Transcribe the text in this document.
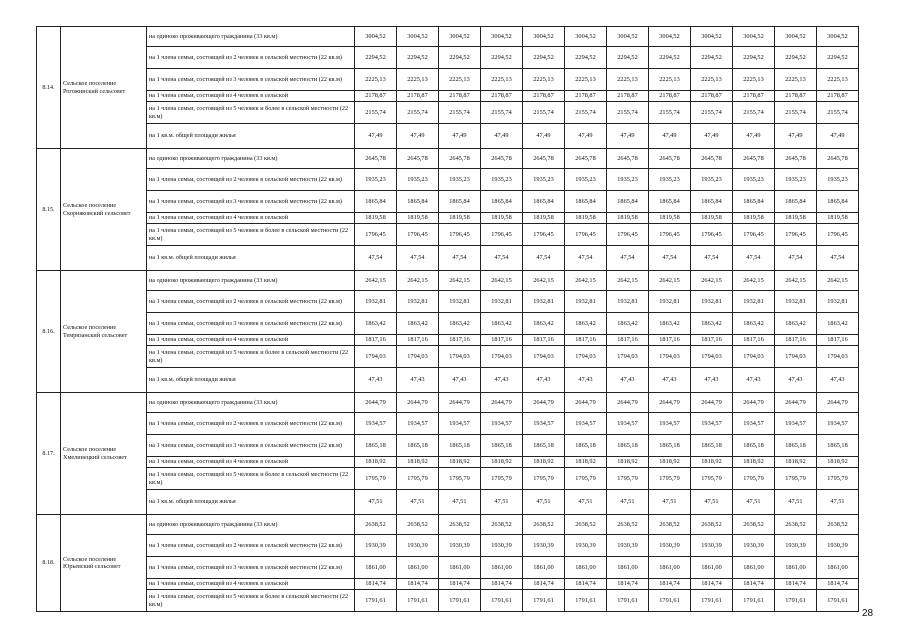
8.14.	Сельское поселение Рогожинский сельсовет	на одиноко проживающего гражданина (33 кв.м)	3004,52	3004,52	3004,52	3004,52	3004,52	3004,52	3004,52	3004,52	3004,52	3004,52	3004,52	3004,52
		на 1 члена семьи, состоящей из 2 человек в сельской местности (22 кв.м)	2294,52	2294,52	2294,52	2294,52	2294,52	2294,52	2294,52	2294,52	2294,52	2294,52	2294,52	2294,52
		на 1 члена семьи, состоящей из 3 человек в сельской местности (22 кв.м)	2225,13	2225,13	2225,13	2225,13	2225,13	2225,13	2225,13	2225,13	2225,13	2225,13	2225,13	2225,13
		на 1 члена семьи, состоящей из 4 человек в сельской	2178,87	2178,87	2178,87	2178,87	2178,87	2178,87	2178,87	2178,87	2178,87	2178,87	2178,87	2178,87
		на 1 члена семьи, состоящей из 5 человек и более в сельской местности (22 кв.м)	2155,74	2155,74	2155,74	2155,74	2155,74	2155,74	2155,74	2155,74	2155,74	2155,74	2155,74	2155,74
		на 1 кв.м. общей площади жилья	47,49	47,49	47,49	47,49	47,49	47,49	47,49	47,49	47,49	47,49	47,49	47,49
8.15.	Сельское поселение Скорняковский сельсовет	на одиноко проживающего гражданина (33 кв.м)	2645,78	2645,78	2645,78	2645,78	2645,78	2645,78	2645,78	2645,78	2645,78	2645,78	2645,78	2645,78
		на 1 члена семьи, состоящей из 2 человек в сельской местности (22 кв.м)	1935,23	1935,23	1935,23	1935,23	1935,23	1935,23	1935,23	1935,23	1935,23	1935,23	1935,23	1935,23
		на 1 члена семьи, состоящей из 3 человек в сельской местности (22 кв.м)	1865,84	1865,84	1865,84	1865,84	1865,84	1865,84	1865,84	1865,84	1865,84	1865,84	1865,84	1865,84
		на 1 члена семьи, состоящей из 4 человек в сельской	1819,58	1819,58	1819,58	1819,58	1819,58	1819,58	1819,58	1819,58	1819,58	1819,58	1819,58	1819,58
		на 1 члена семьи, состоящей из 5 человек и более в сельской местности (22 кв.м)	1796,45	1796,45	1796,45	1796,45	1796,45	1796,45	1796,45	1796,45	1796,45	1796,45	1796,45	1796,45
		на 1 кв.м. общей площади жилья	47,54	47,54	47,54	47,54	47,54	47,54	47,54	47,54	47,54	47,54	47,54	47,54
8.16.	Сельское поселение Темрязанский сельсовет	на одиноко проживающего гражданина (33 кв.м)	2642,15	2642,15	2642,15	2642,15	2642,15	2642,15	2642,15	2642,15	2642,15	2642,15	2642,15	2642,15
		на 1 члена семьи, состоящей из 2 человек в сельской местности (22 кв.м)	1932,81	1932,81	1932,81	1932,81	1932,81	1932,81	1932,81	1932,81	1932,81	1932,81	1932,81	1932,81
		на 1 члена семьи, состоящей из 3 человек в сельской местности (22 кв.м)	1863,42	1863,42	1863,42	1863,42	1863,42	1863,42	1863,42	1863,42	1863,42	1863,42	1863,42	1863,42
		на 1 члена семьи, состоящей из 4 человек в сельской	1817,16	1817,16	1817,16	1817,16	1817,16	1817,16	1817,16	1817,16	1817,16	1817,16	1817,16	1817,16
		на 1 члена семьи, состоящей из 5 человек и более в сельской местности (22 кв.м)	1794,03	1794,03	1794,03	1794,03	1794,03	1794,03	1794,03	1794,03	1794,03	1794,03	1794,03	1794,03
		на 1 кв.м. общей площади жилья	47,43	47,43	47,43	47,43	47,43	47,43	47,43	47,43	47,43	47,43	47,43	47,43
8.17.	Сельское поселение Хмелинецкий сельсовет	на одиноко проживающего гражданина (33 кв.м)	2644,79	2644,79	2644,79	2644,79	2644,79	2644,79	2644,79	2644,79	2644,79	2644,79	2644,79	2644,79
		на 1 члена семьи, состоящей из 2 человек в сельской местности (22 кв.м)	1934,57	1934,57	1934,57	1934,57	1934,57	1934,57	1934,57	1934,57	1934,57	1934,57	1934,57	1934,57
		на 1 члена семьи, состоящей из 3 человек в сельской местности (22 кв.м)	1865,18	1865,18	1865,18	1865,18	1865,18	1865,18	1865,18	1865,18	1865,18	1865,18	1865,18	1865,18
		на 1 члена семьи, состоящей из 4 человек в сельской	1818,92	1818,92	1818,92	1818,92	1818,92	1818,92	1818,92	1818,92	1818,92	1818,92	1818,92	1818,92
		на 1 члена семьи, состоящей из 5 человек и более в сельской местности (22 кв.м)	1795,79	1795,79	1795,79	1795,79	1795,79	1795,79	1795,79	1795,79	1795,79	1795,79	1795,79	1795,79
		на 1 кв.м. общей площади жилья	47,51	47,51	47,51	47,51	47,51	47,51	47,51	47,51	47,51	47,51	47,51	47,51
8.18.	Сельское поселение Юрьевский сельсовет	на одиноко проживающего гражданина (33 кв.м)	2638,52	2638,52	2638,52	2638,52	2638,52	2638,52	2638,52	2638,52	2638,52	2638,52	2638,52	2638,52
		на 1 члена семьи, состоящей из 2 человек в сельской местности (22 кв.м)	1930,39	1930,39	1930,39	1930,39	1930,39	1930,39	1930,39	1930,39	1930,39	1930,39	1930,39	1930,39
		на 1 члена семьи, состоящей из 3 человек в сельской местности (22 кв.м)	1861,00	1861,00	1861,00	1861,00	1861,00	1861,00	1861,00	1861,00	1861,00	1861,00	1861,00	1861,00
		на 1 члена семьи, состоящей из 4 человек в сельской	1814,74	1814,74	1814,74	1814,74	1814,74	1814,74	1814,74	1814,74	1814,74	1814,74	1814,74	1814,74
		на 1 члена семьи, состоящей из 5 человек и более в сельской местности (22 кв.м)	1791,61	1791,61	1791,61	1791,61	1791,61	1791,61	1791,61	1791,61	1791,61	1791,61	1791,61	1791,61
28
